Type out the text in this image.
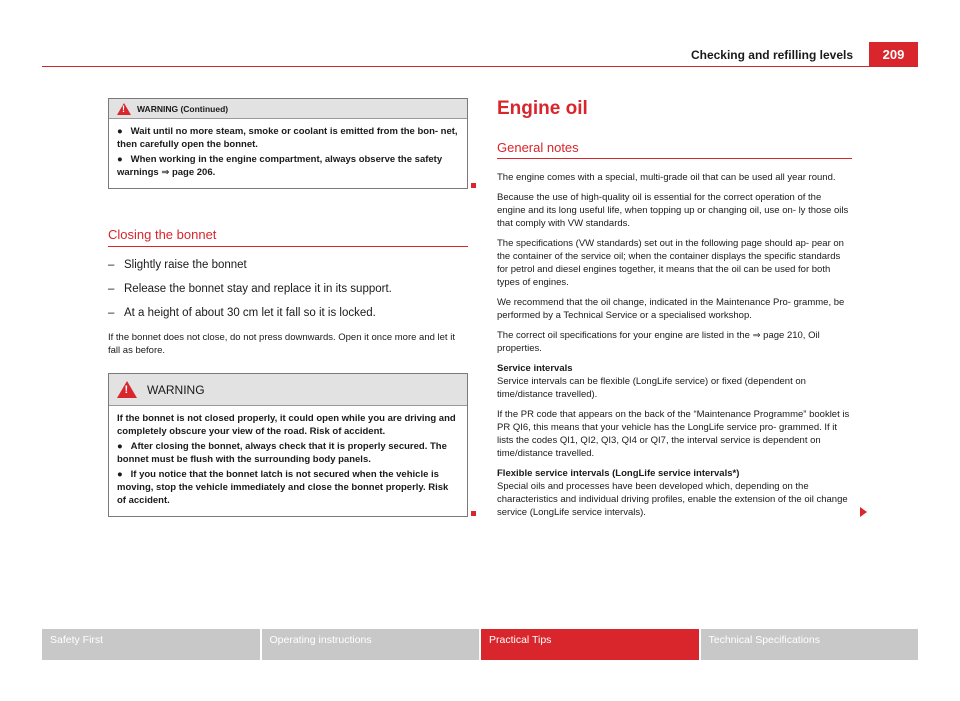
209
Checking and refilling levels
!
WARNING (Continued)

●   Wait until no more steam, smoke or coolant is emitted from the bon- net, then carefully open the bonnet.

●   When working in the engine compartment, always observe the safety warnings ⇒ page 206.

Closing the bonnet
– Slightly raise the bonnet
– Release the bonnet stay and replace it in its support.
– At a height of about 30 cm let it fall so it is locked.
If the bonnet does not close, do not press downwards. Open it once more and let it fall as before.
!
WARNING

If the bonnet is not closed properly, it could open while you are driving and completely obscure your view of the road. Risk of accident.

●   After closing the bonnet, always check that it is properly secured. The bonnet must be flush with the surrounding body panels.

●   If you notice that the bonnet latch is not secured when the vehicle is moving, stop the vehicle immediately and close the bonnet properly. Risk of accident.

Engine oil
General notes
The engine comes with a special, multi-grade oil that can be used all year round.
Because the use of high-quality oil is essential for the correct operation of the engine and its long useful life, when topping up or changing oil, use on- ly those oils that comply with VW standards.
The specifications (VW standards) set out in the following page should ap- pear on the container of the service oil; when the container displays the specific standards for petrol and diesel engines together, it means that the oil can be used for both types of engines.
We recommend that the oil change, indicated in the Maintenance Pro- gramme, be performed by a Technical Service or a specialised workshop.
The correct oil specifications for your engine are listed in the ⇒ page 210, Oil properties.
Service intervals
Service intervals can be flexible (LongLife service) or fixed (dependent on time/distance travelled).
If the PR code that appears on the back of the “Maintenance Programme” booklet is PR QI6, this means that your vehicle has the LongLife service pro- grammed. If it lists the codes QI1, QI2, QI3, QI4 or QI7, the interval service is dependent on time/distance travelled.
Flexible service intervals (LongLife service intervals*)
Special oils and processes have been developed which, depending on the characteristics and individual driving profiles, enable the extension of the oil change service (LongLife service intervals).
Safety First	Operating instructions	Practical Tips	Technical Specifications
